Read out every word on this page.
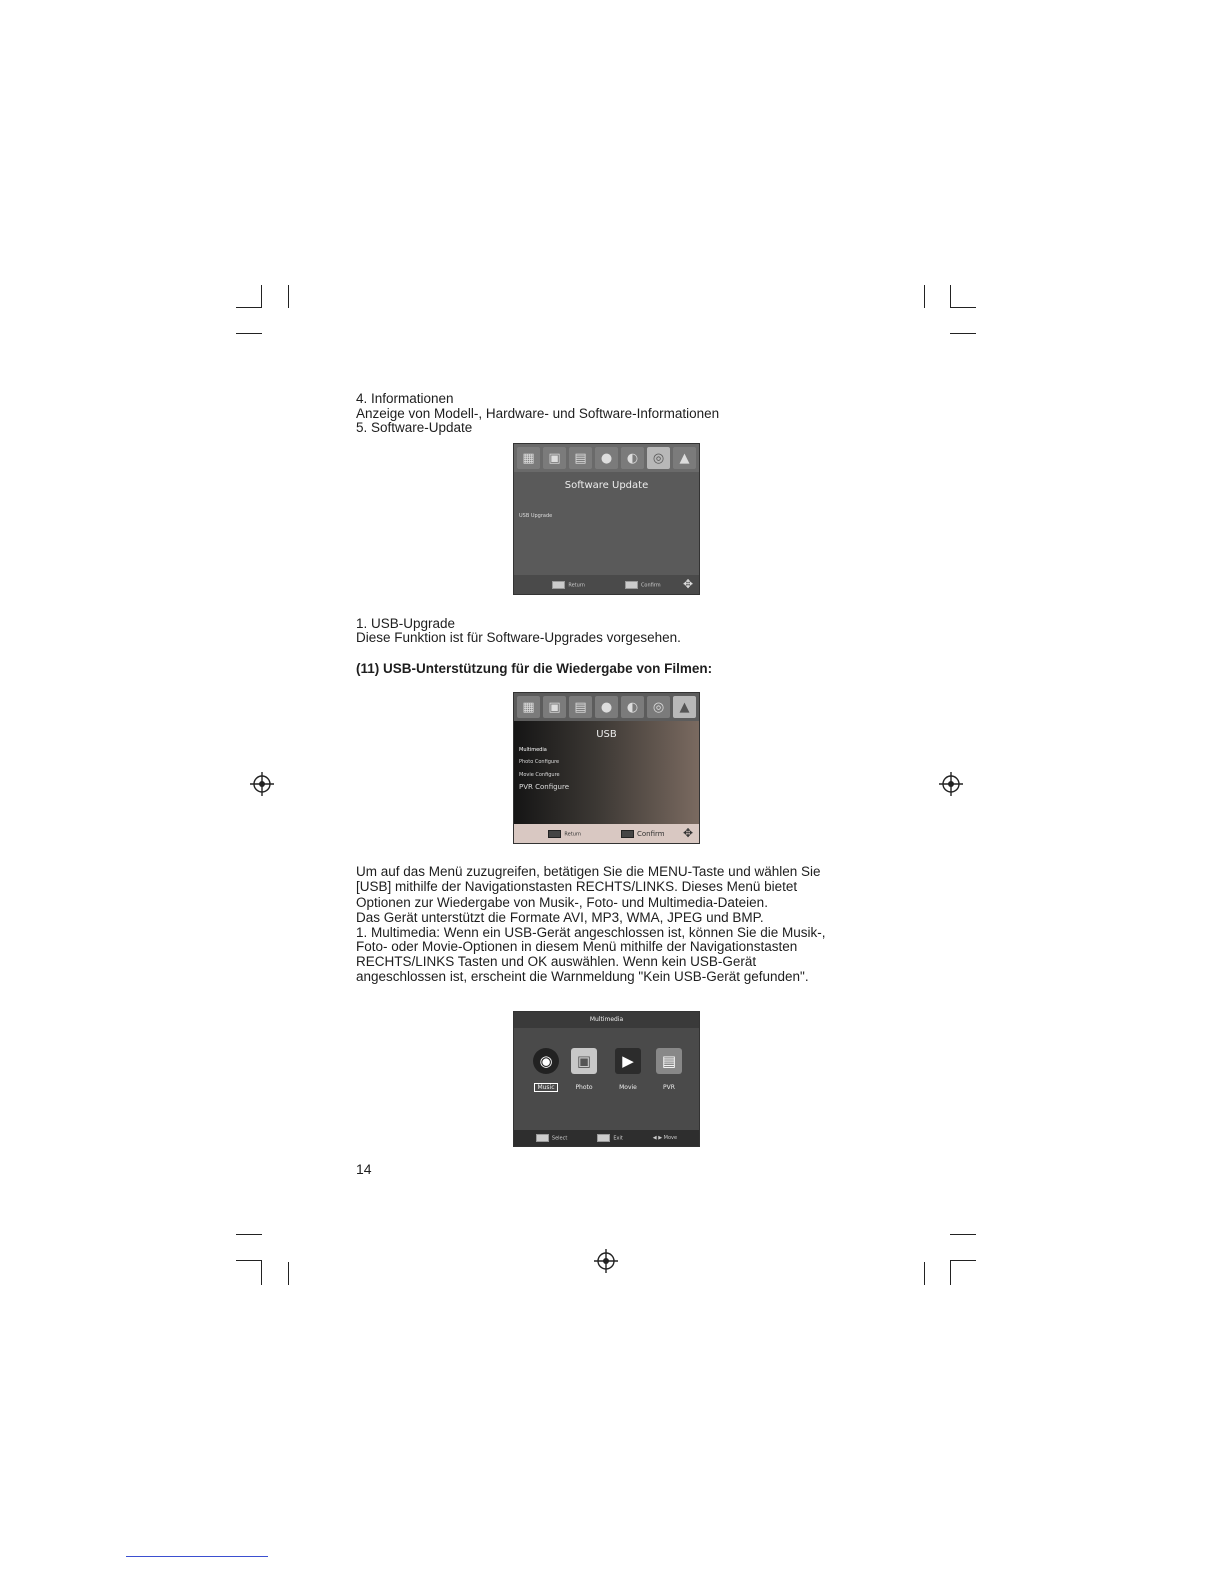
4. Informationen
Anzeige von Modell-, Hardware- und Software-Informationen
5. Software-Update
▦	▣	▤	●	◐	◎	▲
Software Update
USB Upgrade
Return	Confirm ✥
1. USB-Upgrade
Diese Funktion ist für Software-Upgrades vorgesehen.
(11) USB-Unterstützung für die Wiedergabe von Filmen:
▦	▣	▤	●	◐	◎	▲
USB
Multimedia
Photo Configure
Movie Configure
PVR Configure
Return	Confirm ✥
Um auf das Menü zuzugreifen, betätigen Sie die MENU-Taste und wählen Sie
[USB] mithilfe der Navigationstasten RECHTS/LINKS. Dieses Menü bietet
Optionen zur Wiedergabe von Musik-, Foto- und Multimedia-Dateien.
Das Gerät unterstützt die Formate AVI, MP3, WMA, JPEG und BMP.
1. Multimedia: Wenn ein USB-Gerät angeschlossen ist, können Sie die Musik-,
Foto- oder Movie-Optionen in diesem Menü mithilfe der Navigationstasten
RECHTS/LINKS Tasten und OK auswählen. Wenn kein USB-Gerät
angeschlossen ist, erscheint die Warnmeldung "Kein USB-Gerät gefunden".
Multimedia
◉
Music
▣
Photo
▶
Movie
▤
PVR
Select	Exit	◀ ▶ Move
14
